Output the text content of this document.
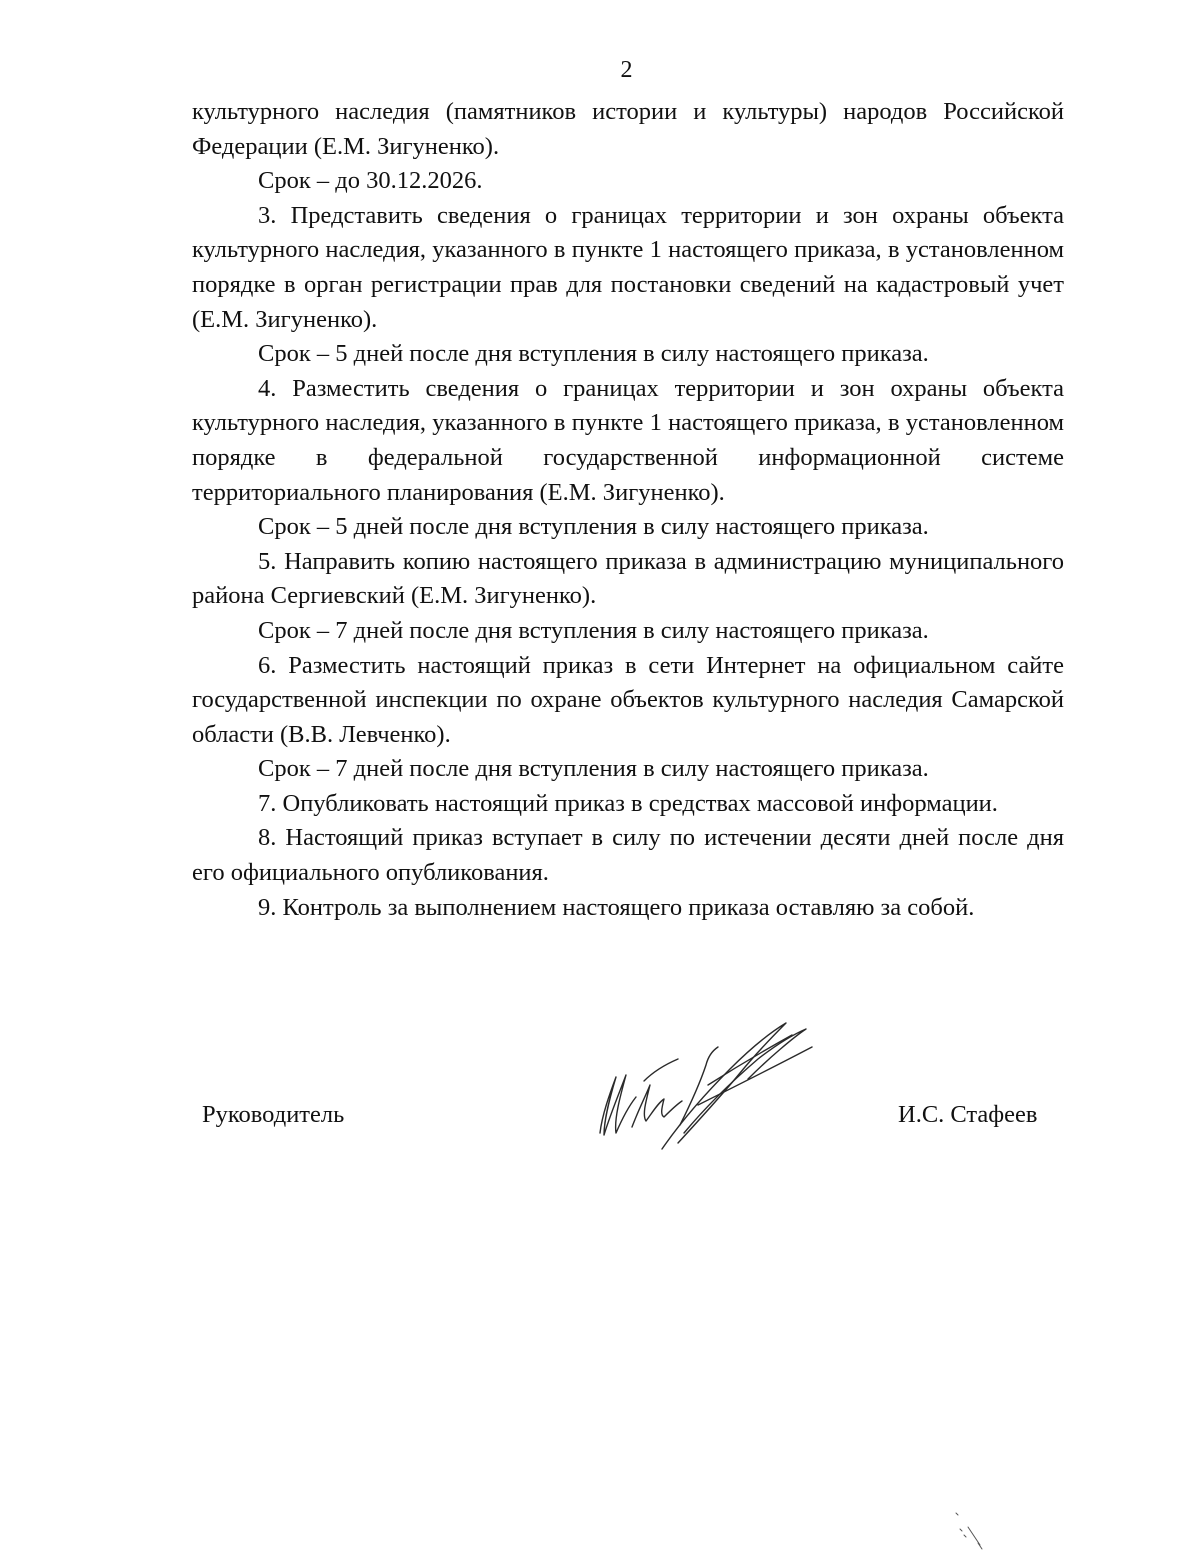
2

культурного наследия (памятников истории и культуры) народов Российской Федерации (Е.М. Зигуненко).

Срок – до 30.12.2026.

3. Представить сведения о границах территории и зон охраны объекта культурного наследия, указанного в пункте 1 настоящего приказа, в установленном порядке в орган регистрации прав для постановки сведений на кадастровый учет (Е.М. Зигуненко).

Срок – 5 дней после дня вступления в силу настоящего приказа.

4. Разместить сведения о границах территории и зон охраны объекта культурного наследия, указанного в пункте 1 настоящего приказа, в установленном порядке в федеральной государственной информационной системе территориального планирования (Е.М. Зигуненко).

Срок – 5 дней после дня вступления в силу настоящего приказа.

5. Направить копию настоящего приказа в администрацию муниципального района Сергиевский (Е.М. Зигуненко).

Срок – 7 дней после дня вступления в силу настоящего приказа.

6. Разместить настоящий приказ в сети Интернет на официальном сайте государственной инспекции по охране объектов культурного наследия Самарской области (В.В. Левченко).

Срок – 7 дней после дня вступления в силу настоящего приказа.

7. Опубликовать настоящий приказ в средствах массовой информации.

8. Настоящий приказ вступает в силу по истечении десяти дней после дня его официального опубликования.

9. Контроль за выполнением настоящего приказа оставляю за собой.

Руководитель	И.С. Стафеев
